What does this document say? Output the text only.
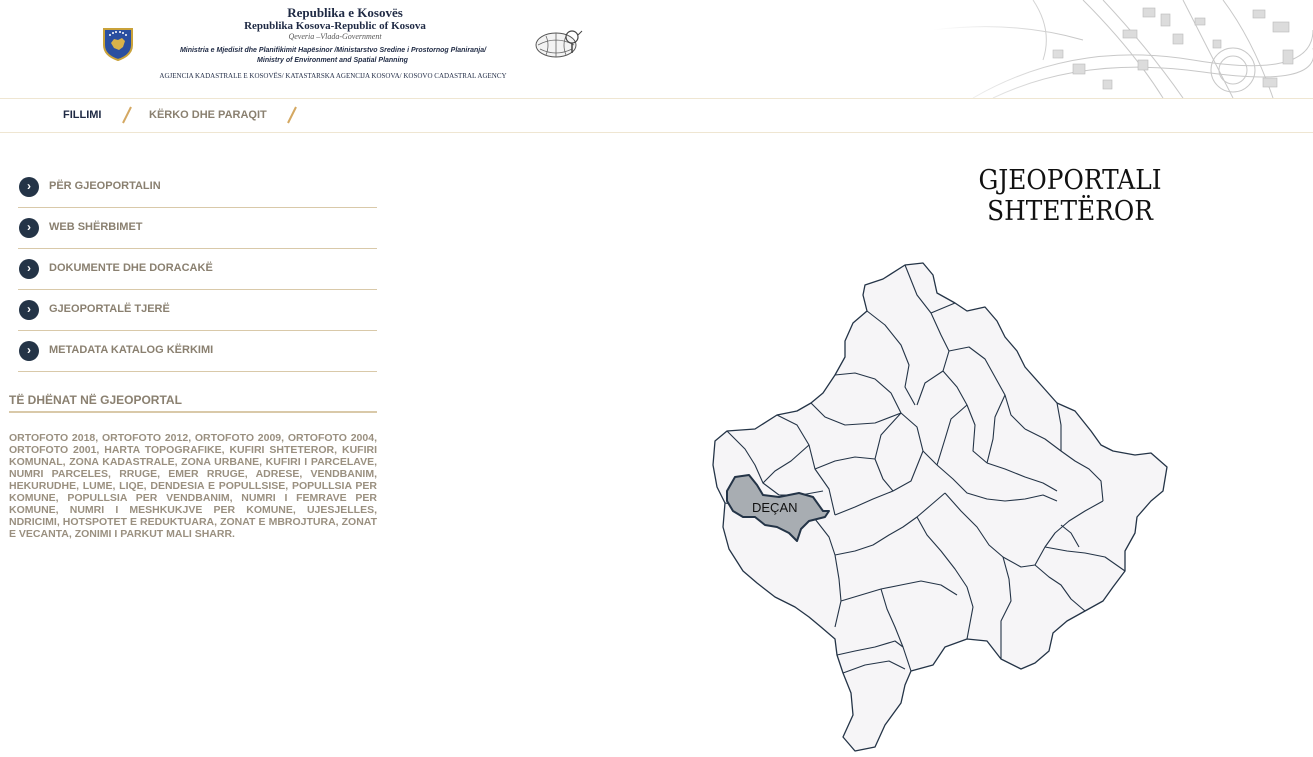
Republika e Kosovës
Republika Kosova-Republic of Kosova
Qeveria –Vlada-Government
Ministria e Mjedisit dhe Planifikimit Hapësinor /Ministarstvo Sredine i Prostornog Planiranja/
Ministry of Environment and Spatial Planning
AGJENCIA KADASTRALE E KOSOVËS/ KATASTARSKA AGENCIJA KOSOVA/ KOSOVO CADASTRAL AGENCY
FILLIMI	KËRKO DHE PARAQIT
›	PËR GJEOPORTALIN
›	WEB SHËRBIMET
›	DOKUMENTE DHE DORACAKË
›	GJEOPORTALË TJERË
›	METADATA KATALOG KËRKIMI
TË DHËNAT NË GJEOPORTAL
ORTOFOTO 2018, ORTOFOTO 2012, ORTOFOTO 2009, ORTOFOTO 2004, ORTOFOTO 2001, HARTA TOPOGRAFIKE, KUFIRI SHTETEROR, KUFIRI KOMUNAL, ZONA KADASTRALE, ZONA URBANE, KUFIRI I PARCELAVE, NUMRI PARCELES, RRUGE, EMER RRUGE, ADRESE, VENDBANIM, HEKURUDHE, LUME, LIQE, DENDESIA E POPULLSISE, POPULLSIA PER KOMUNE, POPULLSIA PER VENDBANIM, NUMRI I FEMRAVE PER KOMUNE, NUMRI I MESHKUKJVE PER KOMUNE, UJESJELLES, NDRICIMI, HOTSPOTET E REDUKTUARA, ZONAT E MBROJTURA, ZONAT E VECANTA, ZONIMI I PARKUT MALI SHARR.
GJEOPORTALI SHTETËROR
DEÇAN
